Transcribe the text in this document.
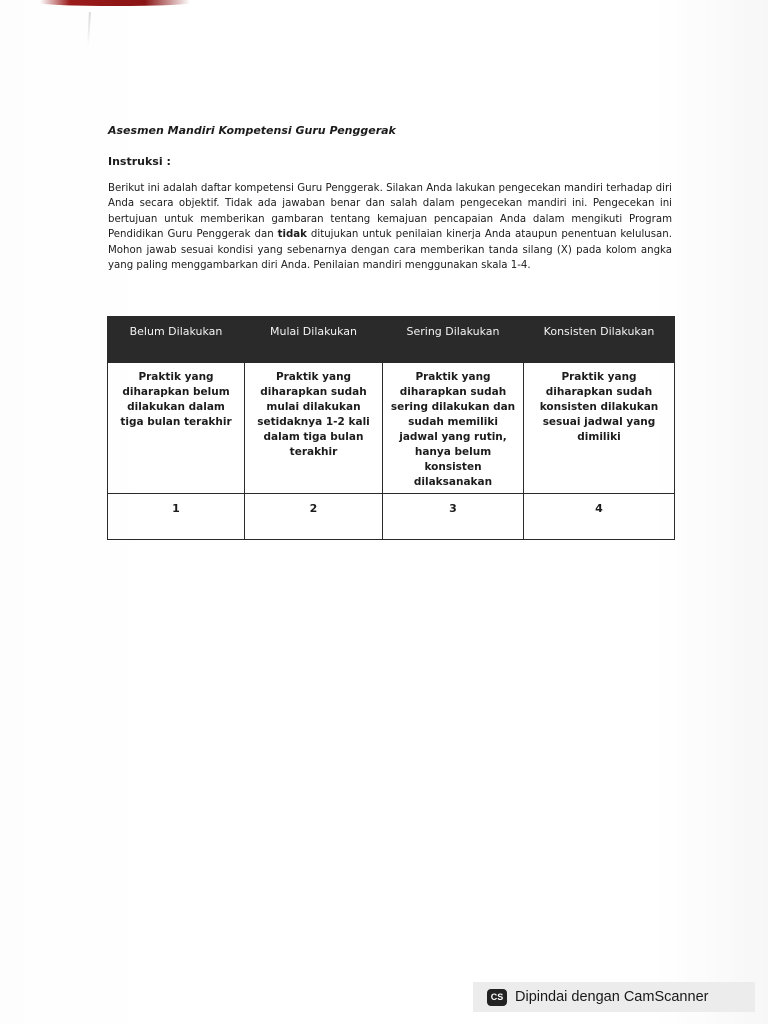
Asesmen Mandiri Kompetensi Guru Penggerak
Instruksi :
Berikut ini adalah daftar kompetensi Guru Penggerak. Silakan Anda lakukan pengecekan mandiri terhadap diri Anda secara objektif. Tidak ada jawaban benar dan salah dalam pengecekan mandiri ini. Pengecekan ini bertujuan untuk memberikan gambaran tentang kemajuan pencapaian Anda dalam mengikuti Program Pendidikan Guru Penggerak dan tidak ditujukan untuk penilaian kinerja Anda ataupun penentuan kelulusan. Mohon jawab sesuai kondisi yang sebenarnya dengan cara memberikan tanda silang (X) pada kolom angka yang paling menggambarkan diri Anda. Penilaian mandiri menggunakan skala 1-4.
Belum Dilakukan	Mulai Dilakukan	Sering Dilakukan	Konsisten Dilakukan
Praktik yang diharapkan belum dilakukan dalam tiga bulan terakhir	Praktik yang diharapkan sudah mulai dilakukan setidaknya 1-2 kali dalam tiga bulan terakhir	Praktik yang diharapkan sudah sering dilakukan dan sudah memiliki jadwal yang rutin, hanya belum konsisten dilaksanakan	Praktik yang diharapkan sudah konsisten dilakukan sesuai jadwal yang dimiliki
1	2	3	4
CS Dipindai dengan CamScanner
